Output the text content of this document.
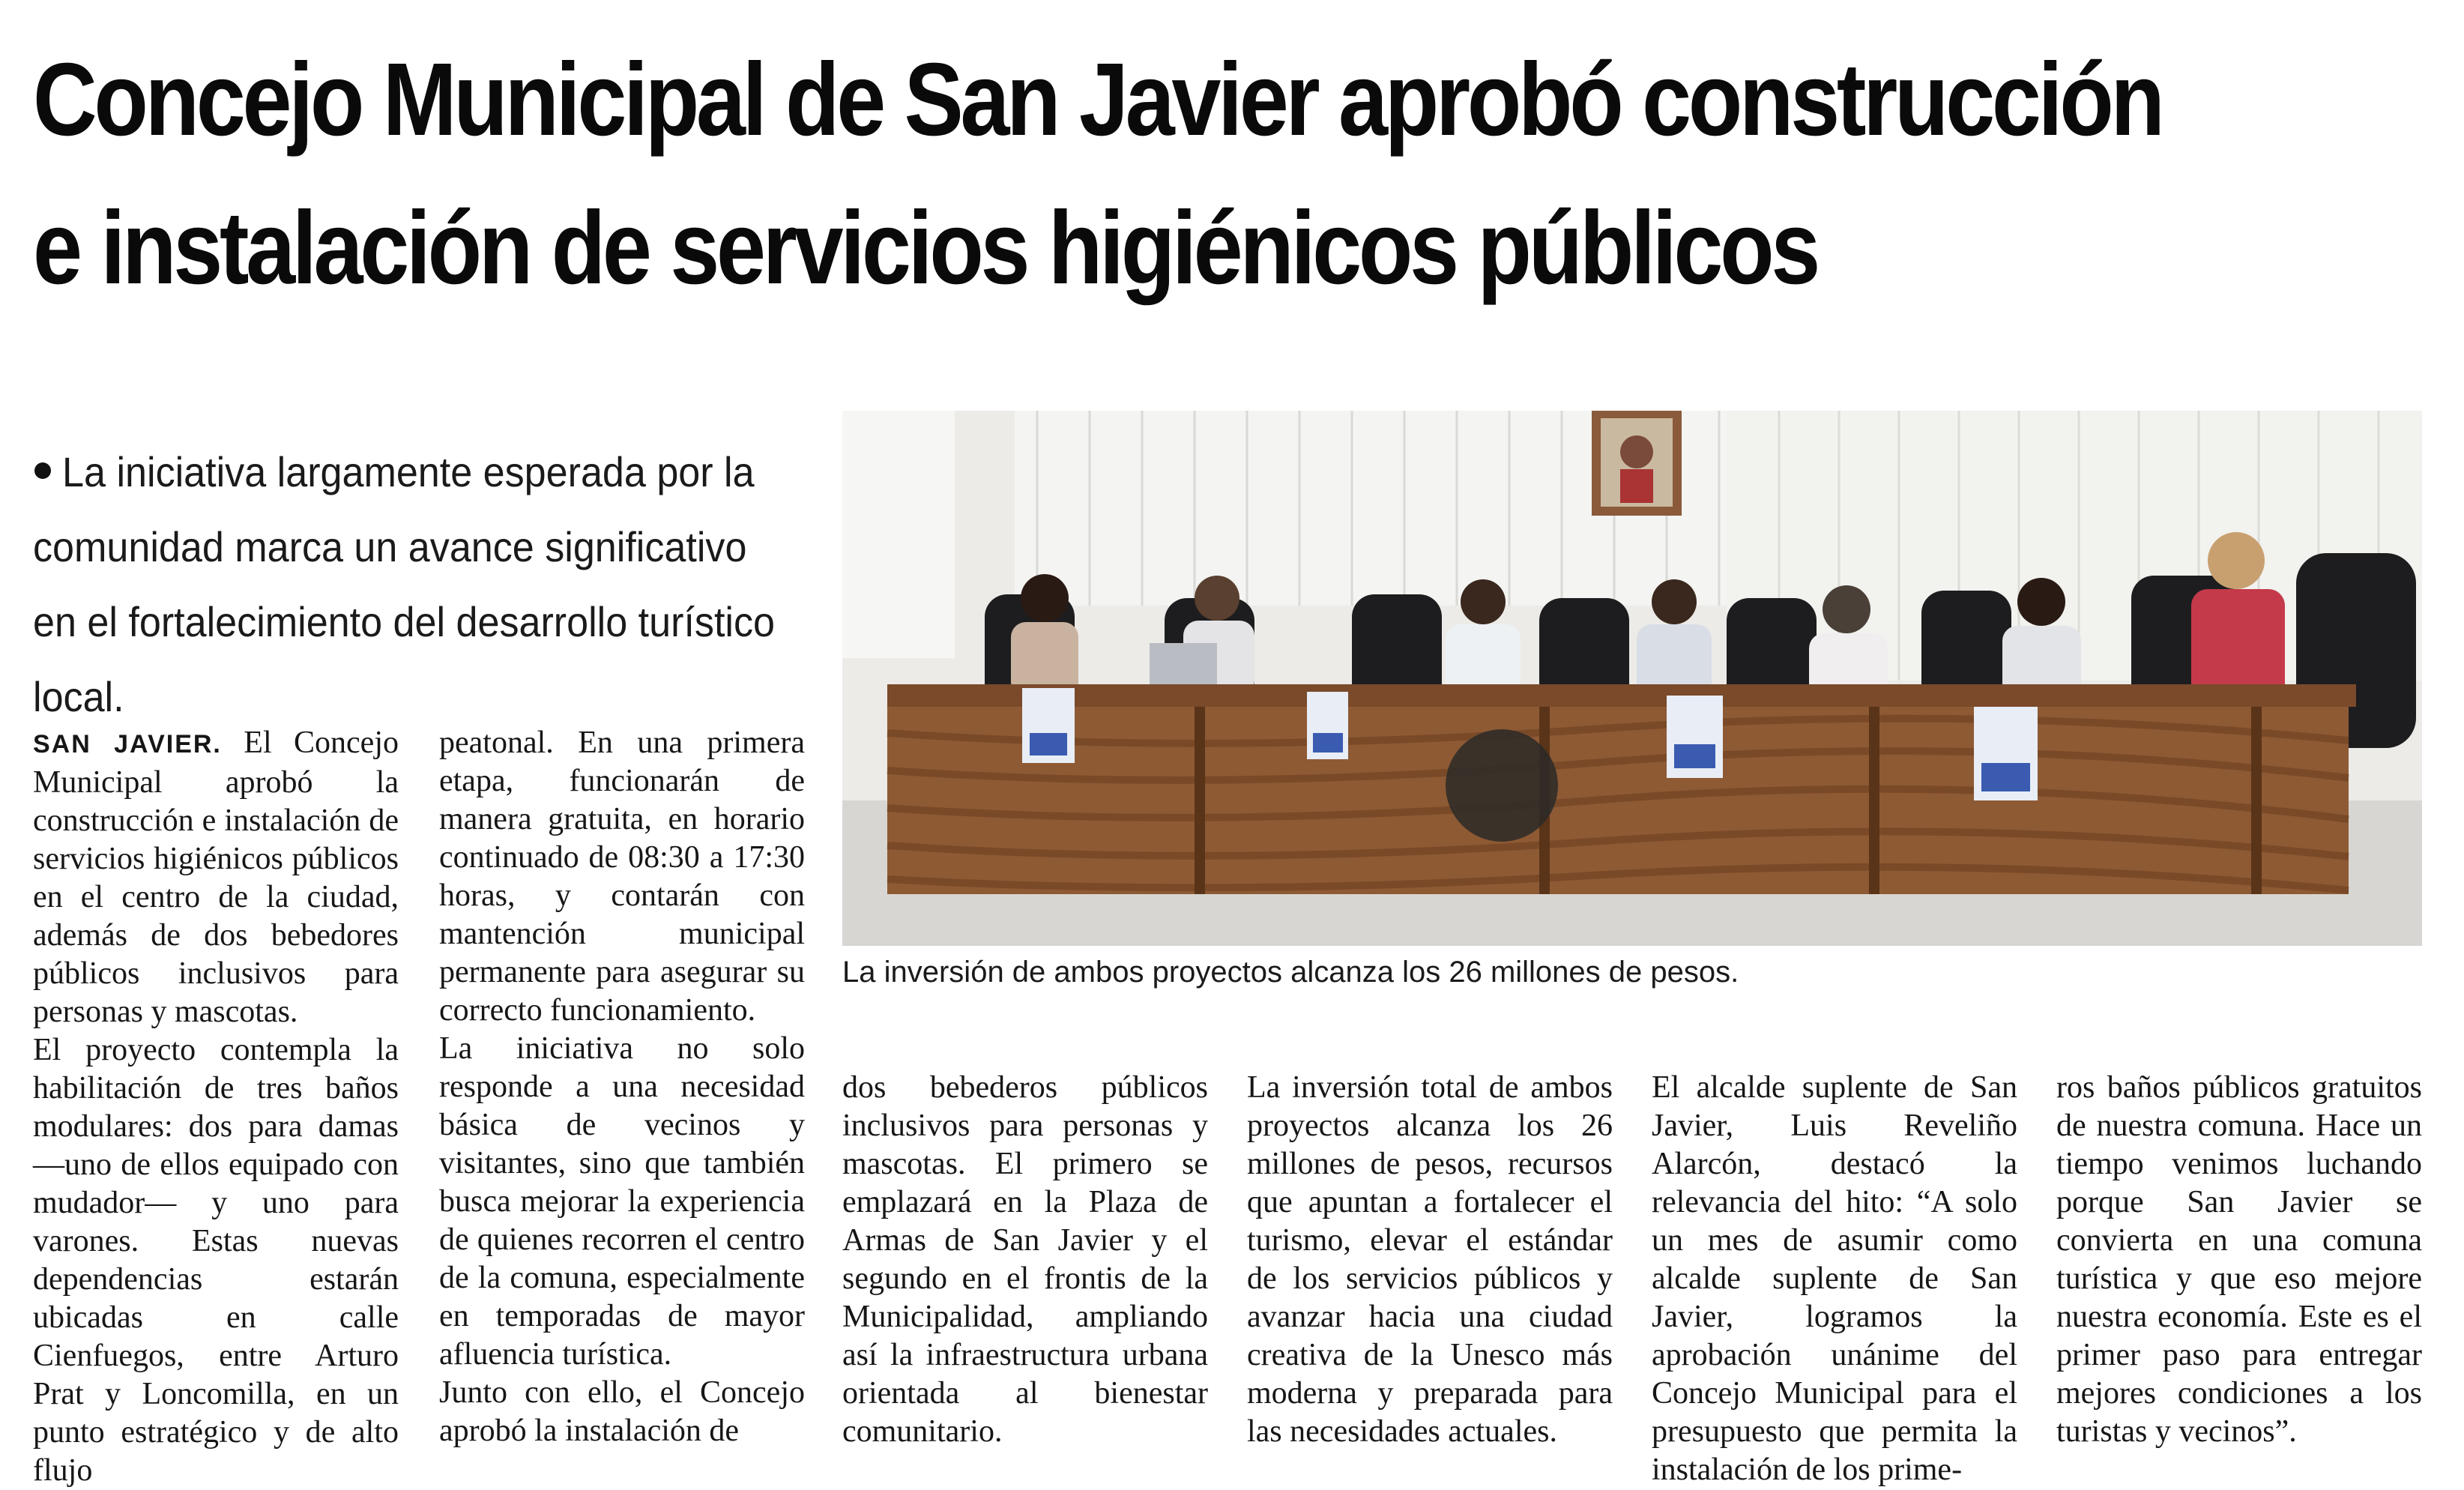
Concejo Municipal de San Javier aprobó construcción
e instalación de servicios higiénicos públicos

La iniciativa largamente esperada por la comunidad marca un avance significativo en el fortalecimiento del desarrollo turístico local.

SAN JAVIER. El Concejo Municipal aprobó la construcción e instalación de servicios higiénicos públicos en el centro de la ciudad, además de dos bebedores públicos inclusivos para personas y mascotas.

El proyecto contempla la habilitación de tres baños modulares: dos para damas —uno de ellos equipado con mudador— y uno para varones. Estas nuevas dependencias estarán ubicadas en calle Cienfuegos, entre Arturo Prat y Loncomilla, en un punto estratégico y de alto flujo

peatonal. En una primera etapa, funcionarán de manera gratuita, en horario continuado de 08:30 a 17:30 horas, y contarán con mantención municipal permanente para asegurar su correcto funcionamiento.

La iniciativa no solo responde a una necesidad básica de vecinos y visitantes, sino que también busca mejorar la experiencia de quienes recorren el centro de la comuna, especialmente en temporadas de mayor afluencia turística.

Junto con ello, el Concejo aprobó la instalación de

La inversión de ambos proyectos alcanza los 26 millones de pesos.

dos bebederos públicos inclusivos para personas y mascotas. El primero se emplazará en la Plaza de Armas de San Javier y el segundo en el frontis de la Municipalidad, ampliando así la infraestructura urbana orientada al bienestar comunitario.

La inversión total de ambos proyectos alcanza los 26 millones de pesos, recursos que apuntan a fortalecer el turismo, elevar el estándar de los servicios públicos y avanzar hacia una ciudad creativa de la Unesco más moderna y preparada para las necesidades actuales.

El alcalde suplente de San Javier, Luis Reveliño Alarcón, destacó la relevancia del hito: “A solo un mes de asumir como alcalde suplente de San Javier, logramos la aprobación unánime del Concejo Municipal para el presupuesto que permita la instalación de los prime-

ros baños públicos gratuitos de nuestra comuna. Hace un tiempo venimos luchando porque San Javier se convierta en una comuna turística y que eso mejore nuestra economía. Este es el primer paso para entregar mejores condiciones a los turistas y vecinos”.
